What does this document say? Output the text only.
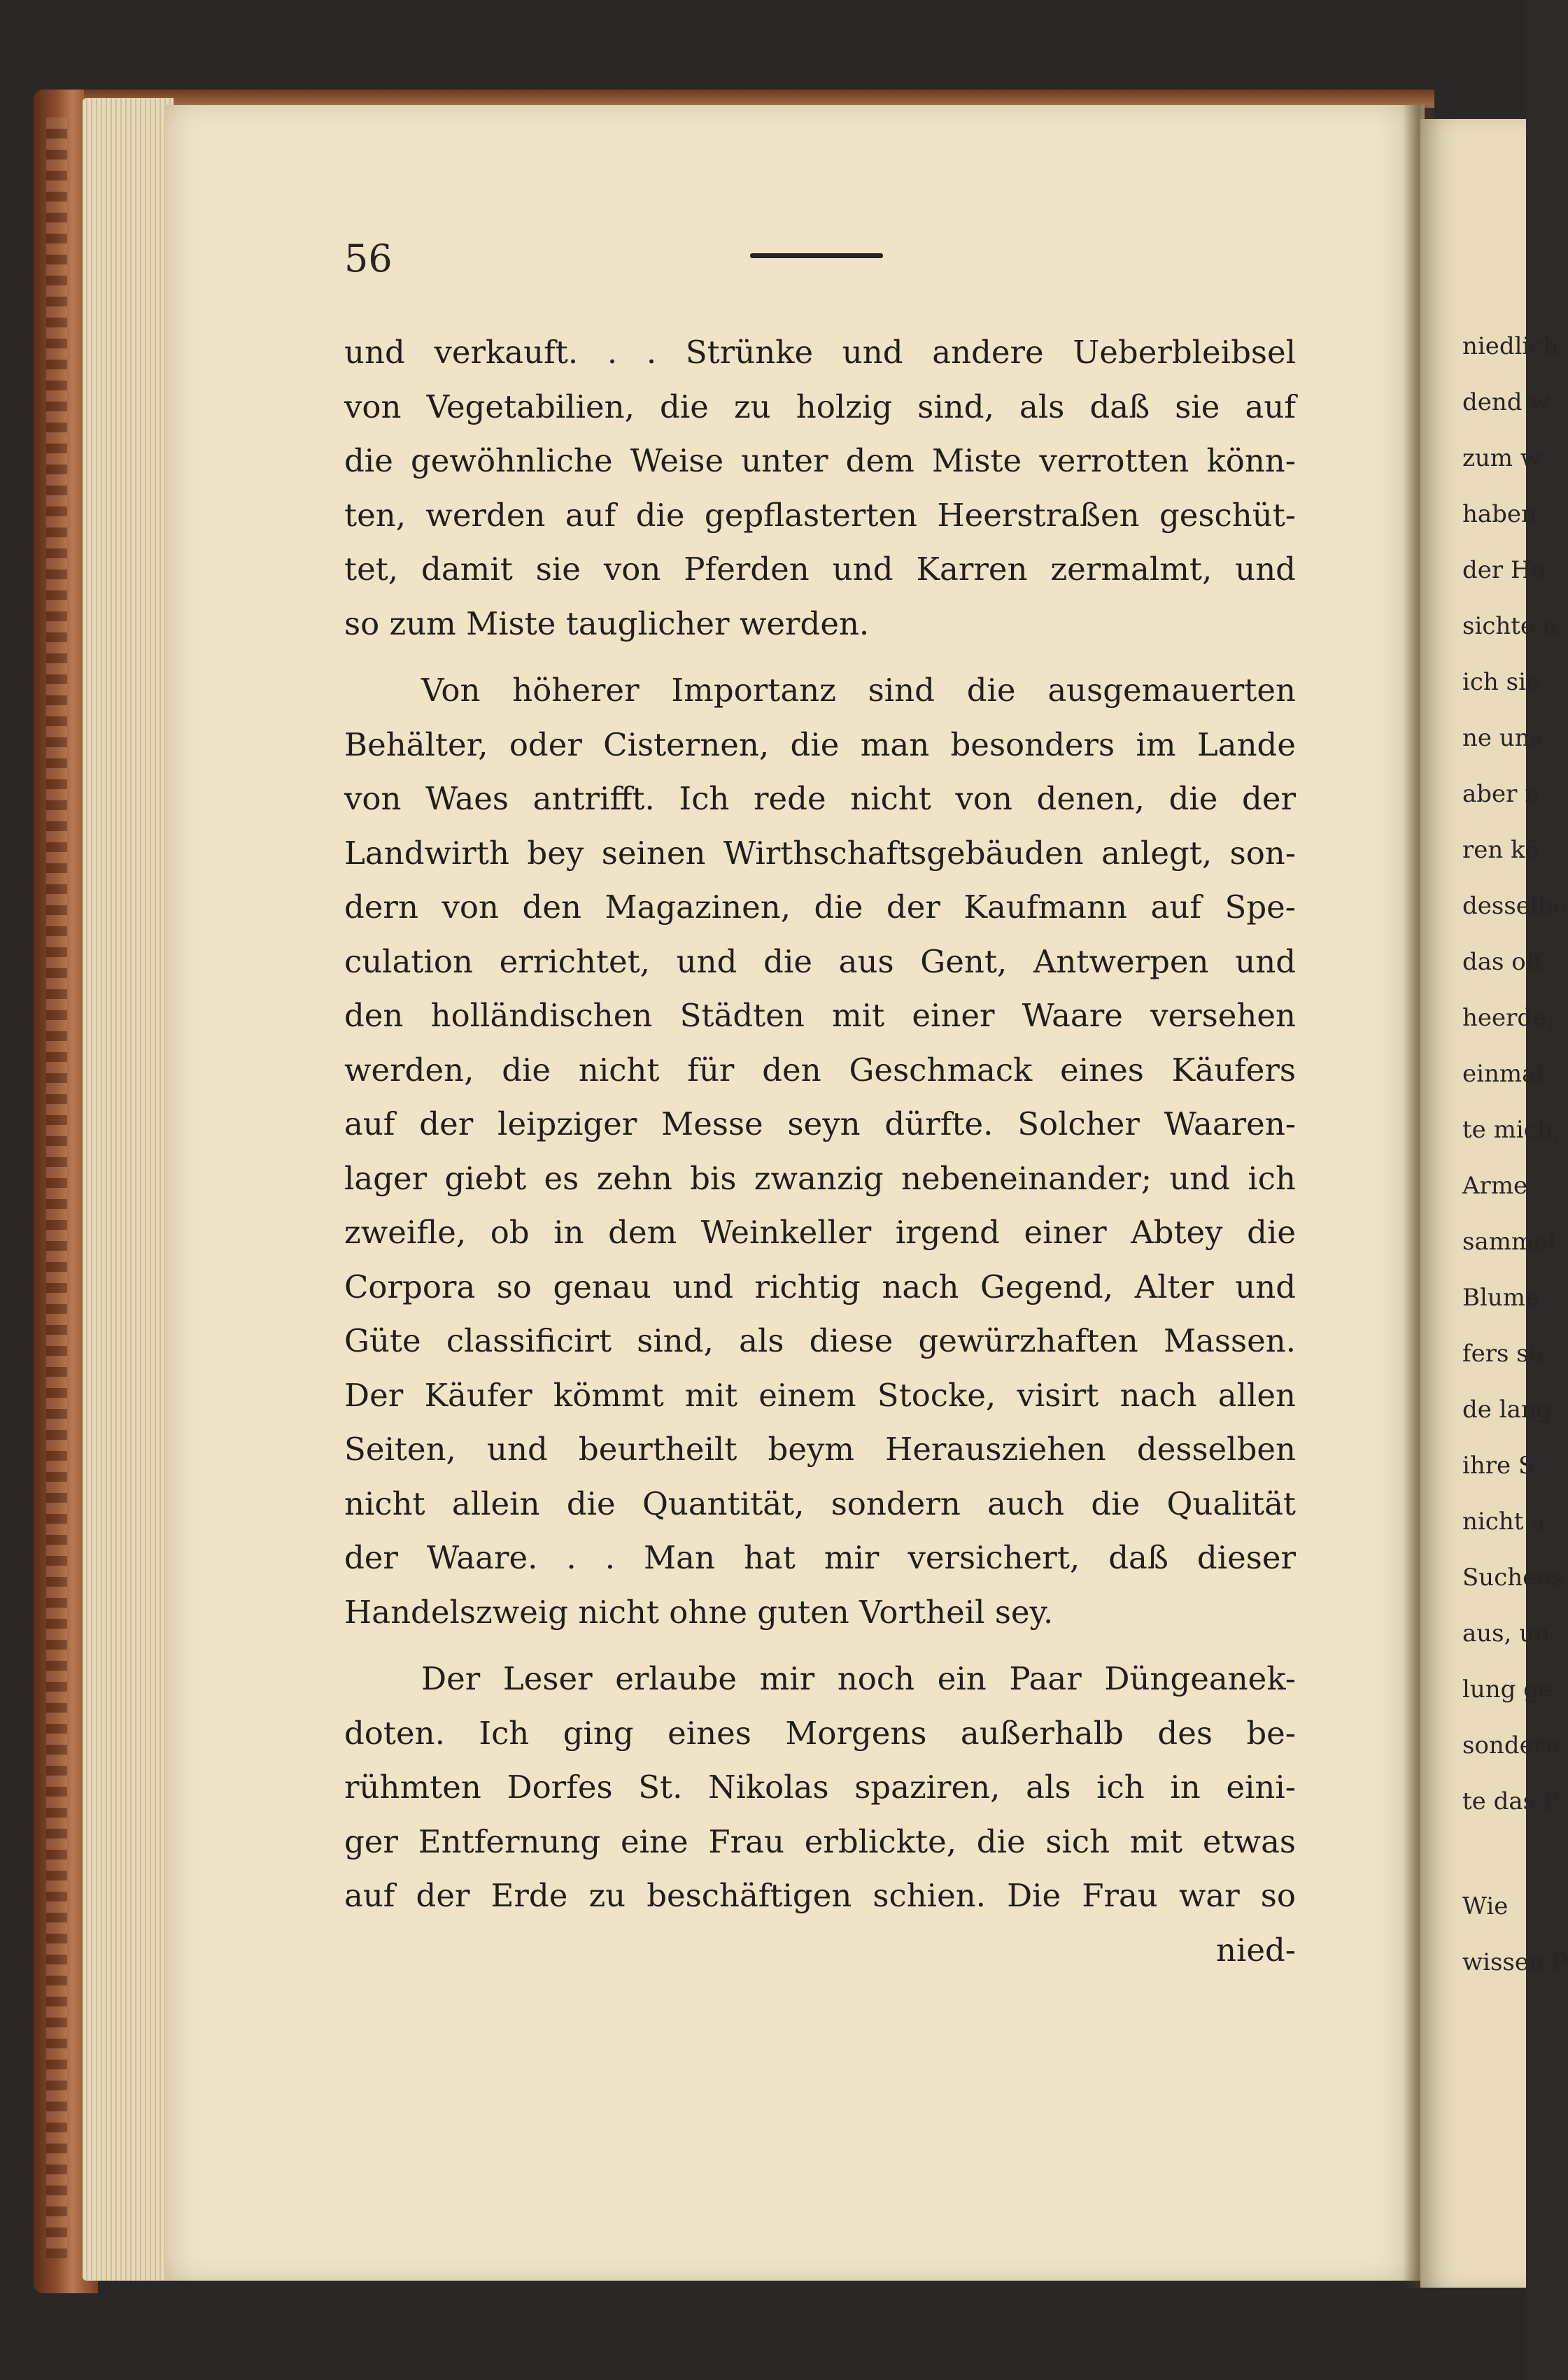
56
und verkauft. . . Strünke und andere Ueberbleibsel
von Vegetabilien, die zu holzig sind, als daß sie auf
die gewöhnliche Weise unter dem Miste verrotten könn-
ten, werden auf die gepflasterten Heerstraßen geschüt-
tet, damit sie von Pferden und Karren zermalmt, und
so zum Miste tauglicher werden.
Von höherer Importanz sind die ausgemauerten
Behälter, oder Cisternen, die man besonders im Lande
von Waes antrifft. Ich rede nicht von denen, die der
Landwirth bey seinen Wirthschaftsgebäuden anlegt, son-
dern von den Magazinen, die der Kaufmann auf Spe-
culation errichtet, und die aus Gent, Antwerpen und
den holländischen Städten mit einer Waare versehen
werden, die nicht für den Geschmack eines Käufers
auf der leipziger Messe seyn dürfte. Solcher Waaren-
lager giebt es zehn bis zwanzig nebeneinander; und ich
zweifle, ob in dem Weinkeller irgend einer Abtey die
Corpora so genau und richtig nach Gegend, Alter und
Güte classificirt sind, als diese gewürzhaften Massen.
Der Käufer kömmt mit einem Stocke, visirt nach allen
Seiten, und beurtheilt beym Herausziehen desselben
nicht allein die Quantität, sondern auch die Qualität
der Waare. . . Man hat mir versichert, daß dieser
Handelszweig nicht ohne guten Vortheil sey.
Der Leser erlaube mir noch ein Paar Düngeanek-
doten. Ich ging eines Morgens außerhalb des be-
rühmten Dorfes St. Nikolas spaziren, als ich in eini-
ger Entfernung eine Frau erblickte, die sich mit etwas
auf der Erde zu beschäftigen schien. Die Frau war so
nied-
niedlich
dend w
zum w
haben
der He
sichte n
ich sie
ne uns
aber n
ren kö
desselbe
das off
heerde,
einmal
te mich,
Arme,
sammel
Blume
fers su
de lang
ihre S
nicht a
Suchens
aus, un
lung ge
sondern
te das P
Wie
wissen P
